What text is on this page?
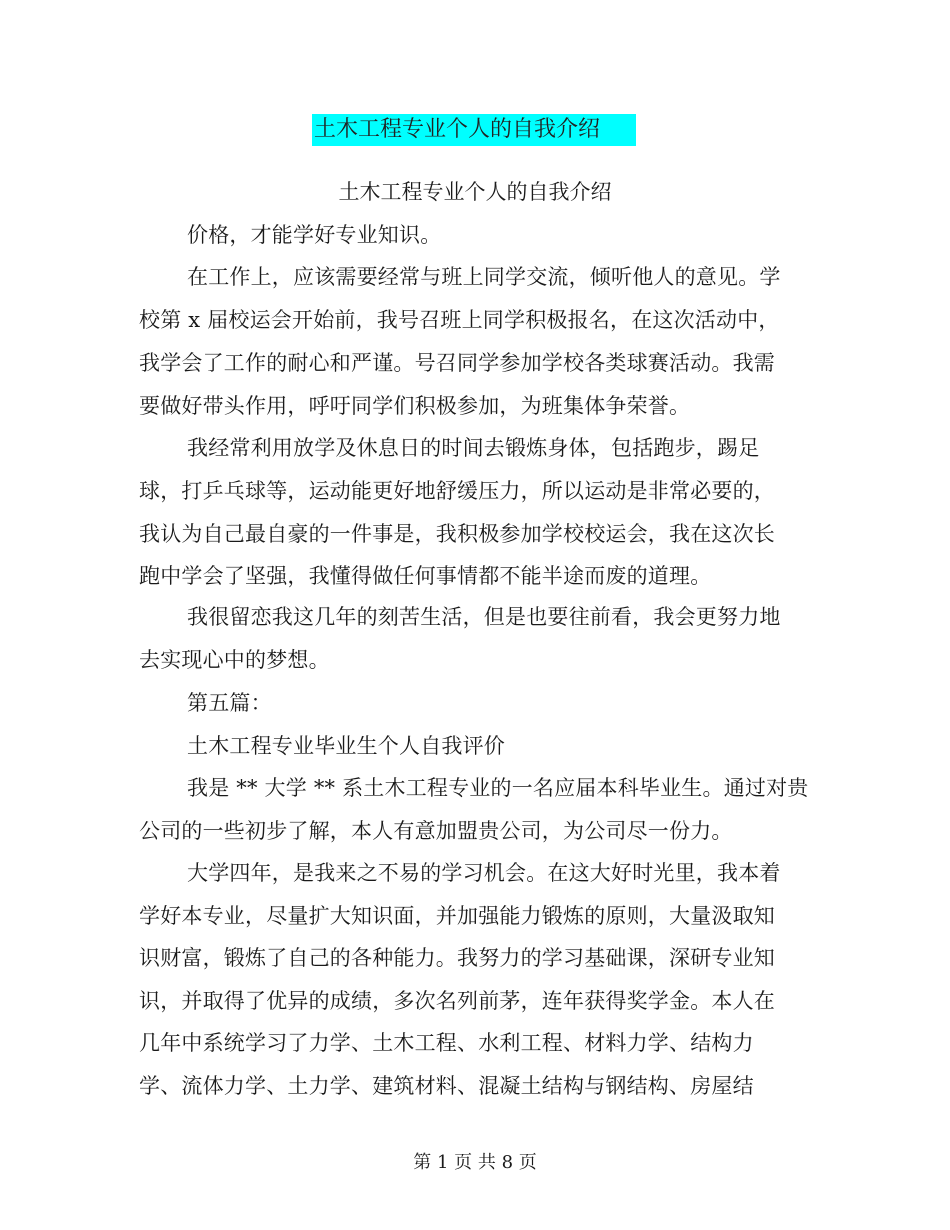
土木工程专业个人的自我介绍
土木工程专业个人的自我介绍
价格，才能学好专业知识。
在工作上，应该需要经常与班上同学交流，倾听他人的意见。学
校第 x 届校运会开始前，我号召班上同学积极报名，在这次活动中，
我学会了工作的耐心和严谨。号召同学参加学校各类球赛活动。我需
要做好带头作用，呼吁同学们积极参加，为班集体争荣誉。
我经常利用放学及休息日的时间去锻炼身体，包括跑步，踢足
球，打乒乓球等，运动能更好地舒缓压力，所以运动是非常必要的，
我认为自己最自豪的一件事是，我积极参加学校校运会，我在这次长
跑中学会了坚强，我懂得做任何事情都不能半途而废的道理。
我很留恋我这几年的刻苦生活，但是也要往前看，我会更努力地
去实现心中的梦想。
第五篇：
土木工程专业毕业生个人自我评价
我是 ** 大学 ** 系土木工程专业的一名应届本科毕业生。通过对贵
公司的一些初步了解，本人有意加盟贵公司，为公司尽一份力。
大学四年，是我来之不易的学习机会。在这大好时光里，我本着
学好本专业，尽量扩大知识面，并加强能力锻炼的原则，大量汲取知
识财富，锻炼了自己的各种能力。我努力的学习基础课，深研专业知
识，并取得了优异的成绩，多次名列前茅，连年获得奖学金。本人在
几年中系统学习了力学、土木工程、水利工程、材料力学、结构力
学、流体力学、土力学、建筑材料、混凝土结构与钢结构、房屋结
第 1 页 共 8 页
